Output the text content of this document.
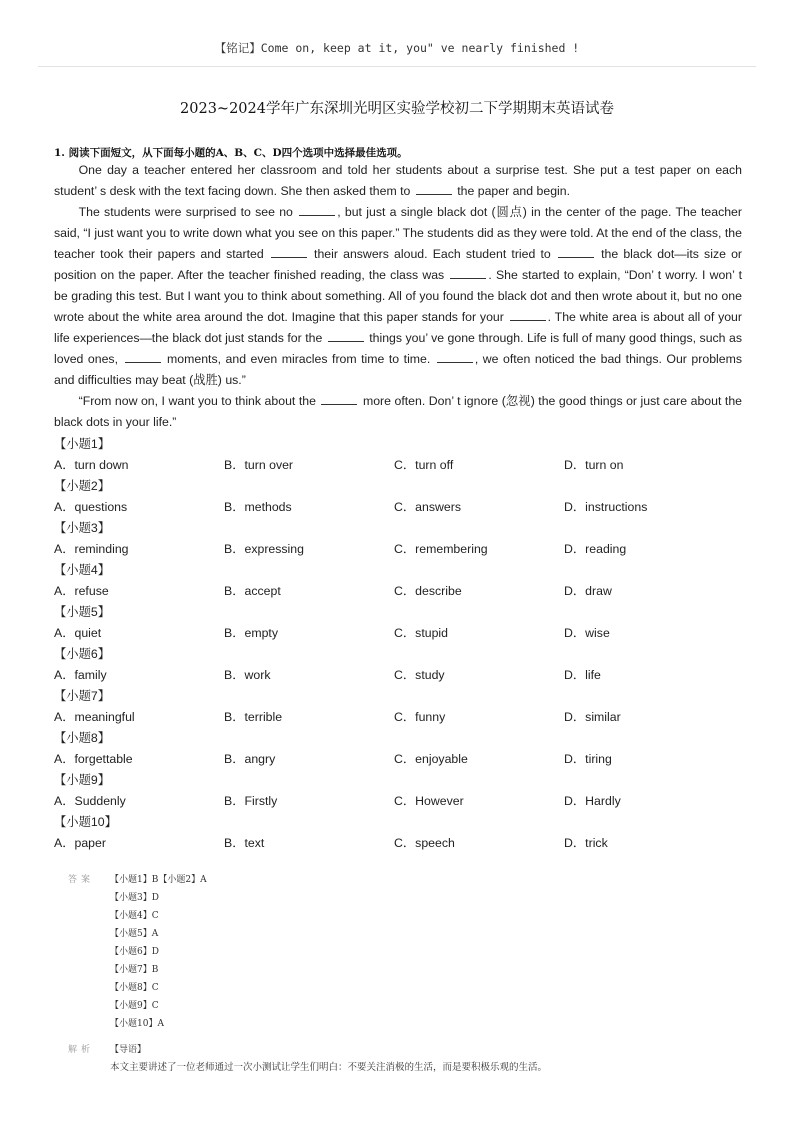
【铭记】Come on, keep at it, you" ve nearly finished !
2023~2024学年广东深圳光明区实验学校初二下学期期末英语试卷
1. 阅读下面短文，从下面每小题的A、B、C、D四个选项中选择最佳选项。

One day a teacher entered her classroom and told her students about a surprise test. She put a test paper on each student’ s desk with the text facing down. She then asked them to	the paper and begin.

The students were surprised to see no	, but just a single black dot (圆点) in the center of the page. The teacher said, “I just want you to write down what you see on this paper.” The students did as they were told. At the end of the class, the teacher took their papers and started	their answers aloud. Each student tried to	the black dot—its size or position on the paper. After the teacher finished reading, the class was	. She started to explain, “Don’ t worry. I won’ t be grading this test. But I want you to think about something. All of you found the black dot and then wrote about it, but no one wrote about the white area around the dot. Imagine that this paper stands for your	. The white area is about all of your life experiences—the black dot just stands for the	things you’ ve gone through. Life is full of many good things, such as loved ones,	moments, and even miracles from time to time.	, we often noticed the bad things. Our problems and difficulties may beat (战胜) us.”

“From now on, I want you to think about the	more often. Don’ t ignore (忽视) the good things or just care about the black dots in your life.”

【小题1】
A．turn down	B．turn over	C．turn off	D．turn on
【小题2】
A．questions	B．methods	C．answers	D．instructions
【小题3】
A．reminding	B．expressing	C．remembering	D．reading
【小题4】
A．refuse	B．accept	C．describe	D．draw
【小题5】
A．quiet	B．empty	C．stupid	D．wise
【小题6】
A．family	B．work	C．study	D．life
【小题7】
A．meaningful	B．terrible	C．funny	D．similar
【小题8】
A．forgettable	B．angry	C．enjoyable	D．tiring
【小题9】
A．Suddenly	B．Firstly	C．However	D．Hardly
【小题10】
A．paper	B．text	C．speech	D．trick
答案 【小题1】B【小题2】A
【小题3】D
【小题4】C
【小题5】A
【小题6】D
【小题7】B
【小题8】C
【小题9】C
【小题10】A
解析 【导语】
本文主要讲述了一位老师通过一次小测试让学生们明白：不要关注消极的生活，而是要积极乐观的生活。
